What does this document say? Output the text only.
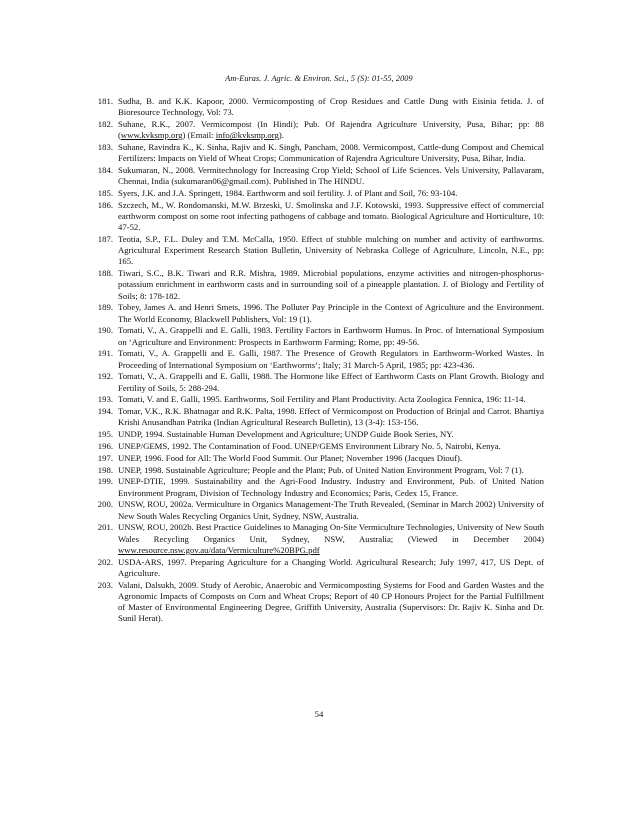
Am-Euras. J. Agric. & Environ. Sci., 5 (S): 01-55, 2009
181. Sudha, B. and K.K. Kapoor, 2000. Vermicomposting of Crop Residues and Cattle Dung with Eisinia fetida. J. of Bioresource Technology, Vol: 73.
182. Suhane, R.K., 2007. Vermicompost (In Hindi); Pub. Of Rajendra Agriculture University, Pusa, Bihar; pp: 88 (www.kvksmp.org) (Email: info@kvksmp.org).
183. Suhane, Ravindra K., K. Sinha, Rajiv and K. Singh, Pancham, 2008. Vermicompost, Cattle-dung Compost and Chemical Fertilizers: Impacts on Yield of Wheat Crops; Communication of Rajendra Agriculture University, Pusa, Bihar, India.
184. Sukumaran, N., 2008. Vermitechnology for Increasing Crop Yield; School of Life Sciences. Vels University, Pallavaram, Chennai, India (sukumaran06@gmail.com). Published in The HINDU.
185. Syers, J.K. and J.A. Springett, 1984. Earthworm and soil fertility. J. of Plant and Soil, 76: 93-104.
186. Szczech, M., W. Rondomanski, M.W. Brzeski, U. Smolinska and J.F. Kotowski, 1993. Suppressive effect of commercial earthworm compost on some root infecting pathogens of cabbage and tomato. Biological Agriculture and Horticulture, 10: 47-52.
187. Teotia, S.P., F.L. Duley and T.M. McCalla, 1950. Effect of stubble mulching on number and activity of earthworms. Agricultural Experiment Research Station Bulletin, University of Nebraska College of Agriculture, Lincoln, N.E., pp: 165.
188. Tiwari, S.C., B.K. Tiwari and R.R. Mishra, 1989. Microbial populations, enzyme activities and nitrogen-phosphorus-potassium enrichment in earthworm casts and in surrounding soil of a pineapple plantation. J. of Biology and Fertility of Soils; 8: 178-182.
189. Tobey, James A. and Henri Smets, 1996. The Polluter Pay Principle in the Context of Agriculture and the Environment. The World Economy, Blackwell Publishers, Vol: 19 (1).
190. Tomati, V., A. Grappelli and E. Galli, 1983. Fertility Factors in Earthworm Humus. In Proc. of International Symposium on ‘Agriculture and Environment: Prospects in Earthworm Farming; Rome, pp: 49-56.
191. Tomati, V., A. Grappelli and E. Galli, 1987. The Presence of Growth Regulators in Earthworm-Worked Wastes. In Proceeding of International Symposium on ‘Earthworms’; Italy; 31 March-5 April, 1985; pp: 423-436.
192. Tomati, V., A. Grappelli and E. Galli, 1988. The Hormone like Effect of Earthworm Casts on Plant Growth. Biology and Fertility of Soils, 5: 288-294.
193. Tomati, V. and E. Galli, 1995. Earthworms, Soil Fertility and Plant Productivity. Acta Zoologica Fennica, 196: 11-14.
194. Tomar, V.K., R.K. Bhatnagar and R.K. Palta, 1998. Effect of Vermicompost on Production of Brinjal and Carrot. Bhartiya Krishi Anusandhan Patrika (Indian Agricultural Research Bulletin), 13 (3-4): 153-156.
195. UNDP, 1994. Sustainable Human Development and Agriculture; UNDP Guide Book Series, NY.
196. UNEP/GEMS, 1992. The Contamination of Food. UNEP/GEMS Environment Library No. 5, Nairobi, Kenya.
197. UNEP, 1996. Food for All: The World Food Summit. Our Planet; November 1996 (Jacques Diouf).
198. UNEP, 1998. Sustainable Agriculture; People and the Plant; Pub. of United Nation Environment Program, Vol: 7 (1).
199. UNEP-DTIE, 1999. Sustainability and the Agri-Food Industry. Industry and Environment, Pub. of United Nation Environment Program, Division of Technology Industry and Economics; Paris, Cedex 15, France.
200. UNSW, ROU, 2002a. Vermiculture in Organics Management-The Truth Revealed, (Seminar in March 2002) University of New South Wales Recycling Organics Unit, Sydney, NSW, Australia.
201. UNSW, ROU, 2002b. Best Practice Guidelines to Managing On-Site Vermiculture Technologies, University of New South Wales Recycling Organics Unit, Sydney, NSW, Australia; (Viewed in December 2004) www.resource.nsw.gov.au/data/Vermiculture%20BPG.pdf
202. USDA-ARS, 1997. Preparing Agriculture for a Changing World. Agricultural Research; July 1997, 417, US Dept. of Agriculture.
203. Valani, Dalsukh, 2009. Study of Aerobic, Anaerobic and Vermicomposting Systems for Food and Garden Wastes and the Agronomic Impacts of Composts on Corn and Wheat Crops; Report of 40 CP Honours Project for the Partial Fulfillment of Master of Environmental Engineering Degree, Griffith University, Australia (Supervisors: Dr. Rajiv K. Sinha and Dr. Sunil Herat).
54
